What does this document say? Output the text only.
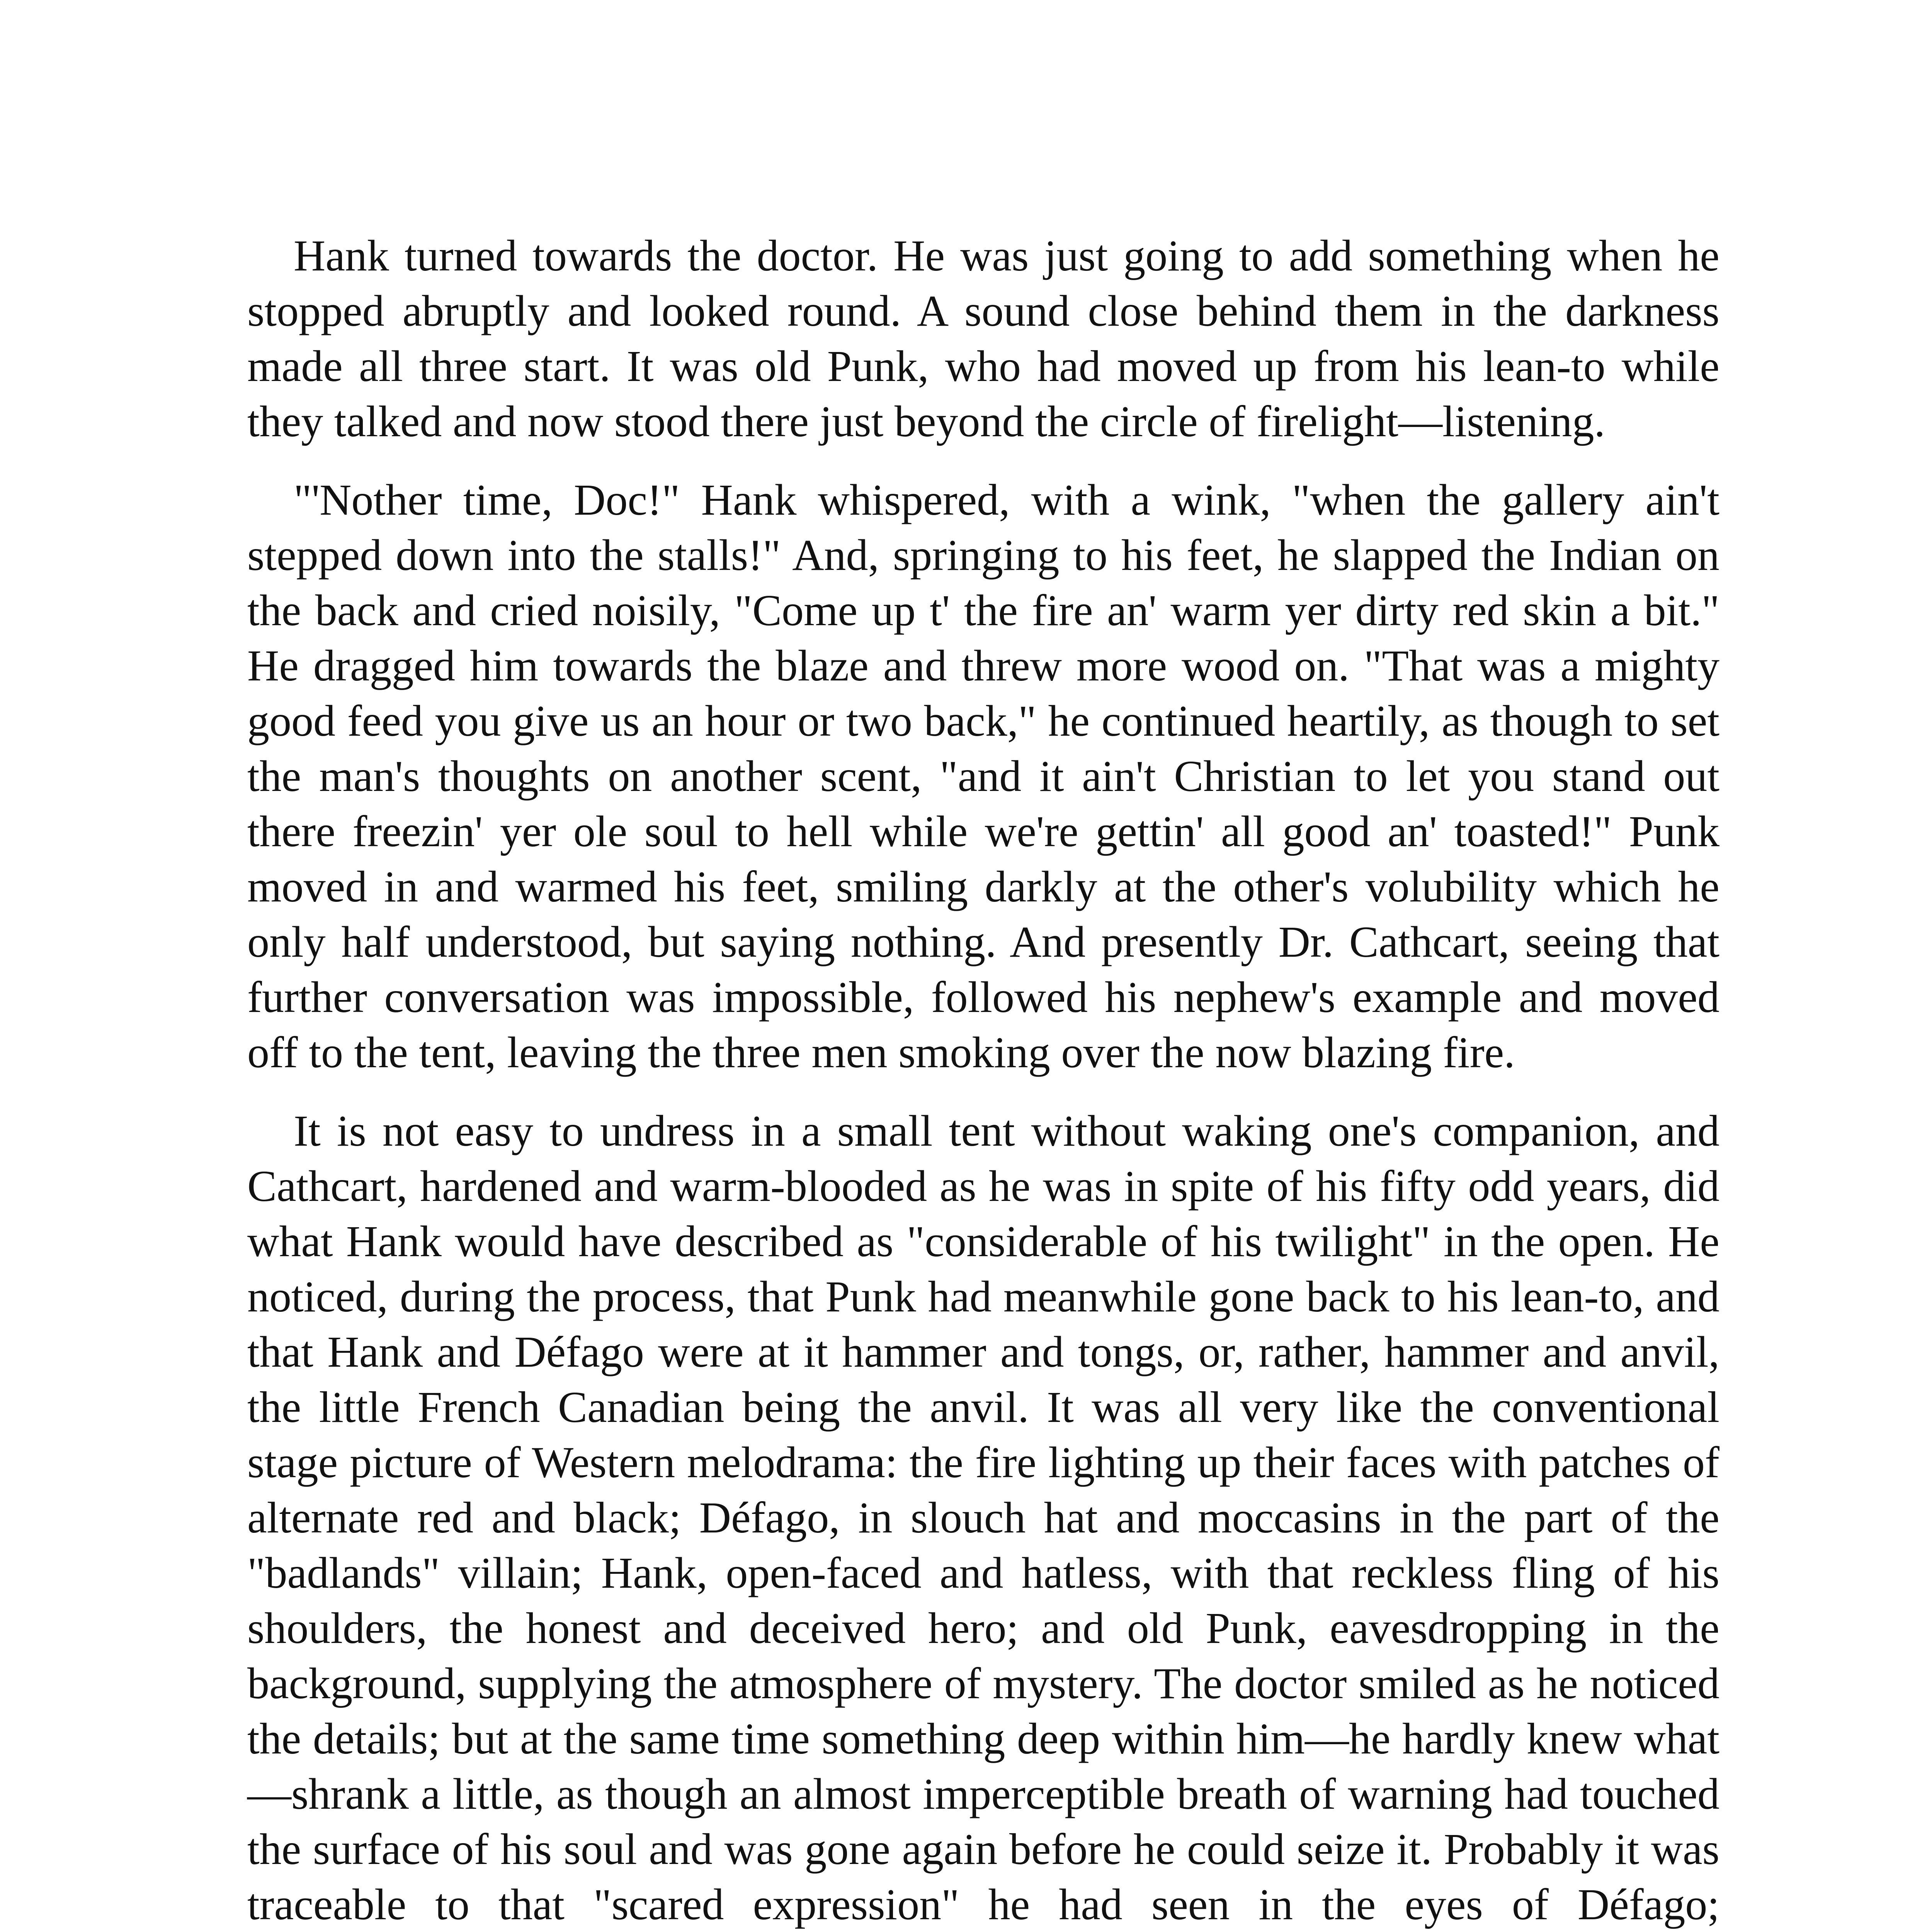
Hank turned towards the doctor. He was just going to add something when he stopped abruptly and looked round. A sound close behind them in the darkness made all three start. It was old Punk, who had moved up from his lean-to while they talked and now stood there just beyond the circle of firelight—listening.

"'Nother time, Doc!" Hank whispered, with a wink, "when the gallery ain't stepped down into the stalls!" And, springing to his feet, he slapped the Indian on the back and cried noisily, "Come up t' the fire an' warm yer dirty red skin a bit." He dragged him towards the blaze and threw more wood on. "That was a mighty good feed you give us an hour or two back," he continued heartily, as though to set the man's thoughts on another scent, "and it ain't Christian to let you stand out there freezin' yer ole soul to hell while we're gettin' all good an' toasted!" Punk moved in and warmed his feet, smiling darkly at the other's volubility which he only half understood, but saying nothing. And presently Dr. Cathcart, seeing that further conversation was impossible, followed his nephew's example and moved off to the tent, leaving the three men smoking over the now blazing fire.

It is not easy to undress in a small tent without waking one's companion, and Cathcart, hardened and warm-blooded as he was in spite of his fifty odd years, did what Hank would have described as "considerable of his twilight" in the open. He noticed, during the process, that Punk had meanwhile gone back to his lean-to, and that Hank and Défago were at it hammer and tongs, or, rather, hammer and anvil, the little French Canadian being the anvil. It was all very like the conventional stage picture of Western melodrama: the fire lighting up their faces with patches of alternate red and black; Défago, in slouch hat and moccasins in the part of the "badlands" villain; Hank, open-faced and hatless, with that reckless fling of his shoulders, the honest and deceived hero; and old Punk, eavesdropping in the background, supplying the atmosphere of mystery. The doctor smiled as he noticed the details; but at the same time something deep within him—he hardly knew what—shrank a little, as though an almost imperceptible breath of warning had touched the surface of his soul and was gone again before he could seize it. Probably it was traceable to that "scared expression" he had seen in the eyes of Défago;
